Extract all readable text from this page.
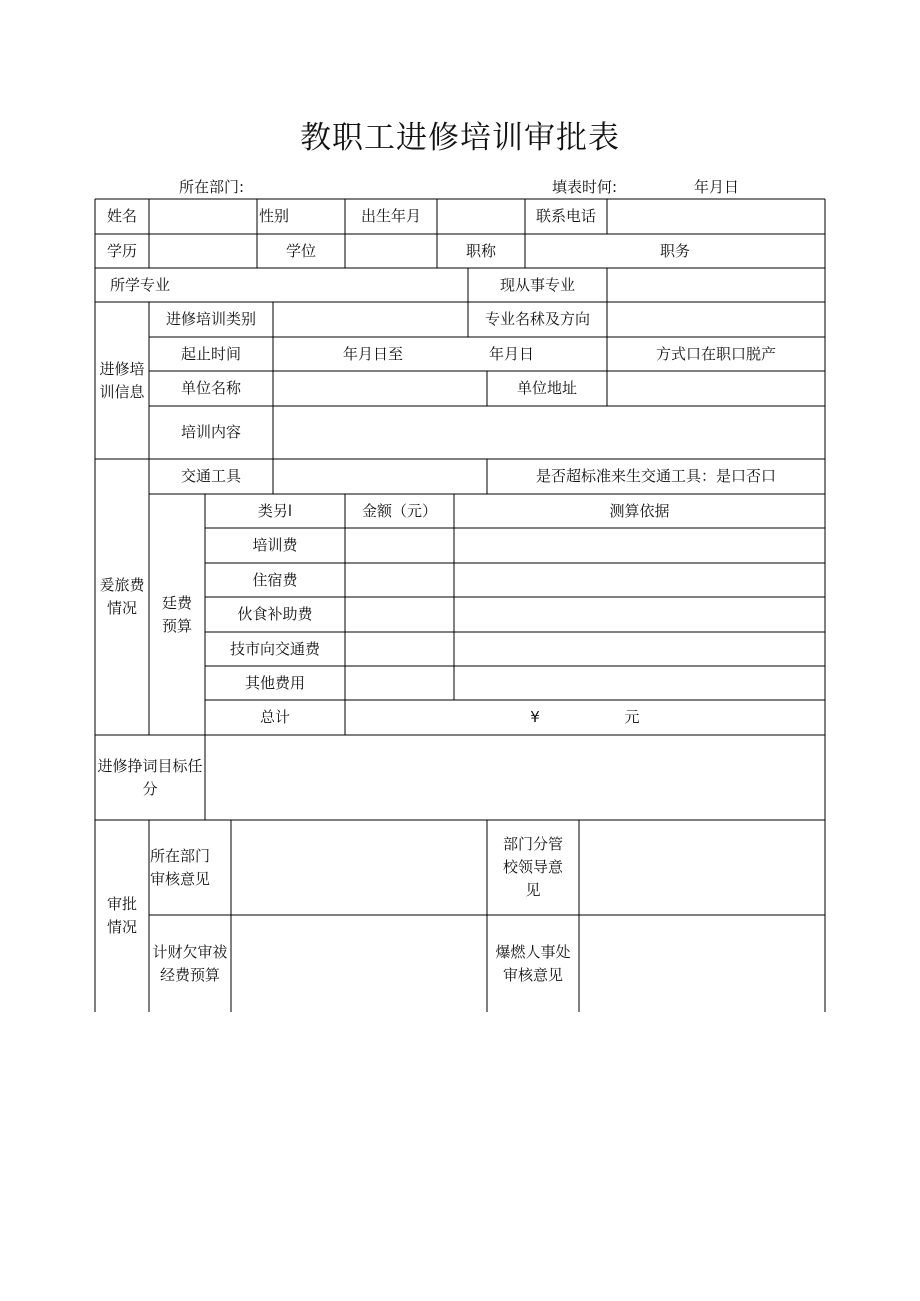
教职工进修培训审批表
所在部门:	填表时何:	年月日
姓名	性别	出生年月	联系电话
学历	学位	职称	职务
所学专业	现从事专业
进修培训信息
进修培训类别	专业名秫及方向
起止时间	年月日至	年月日	方式口在职口脱产
单位名称	单位地址
培训内容
爰旅费情况
交通工具	是否超标准来生交通工具：是口否口
廷费预算
类另l	金额（元）	测算依据
培训费
住宿费
伙食补助费
技市向交通费
其他费用
总计	¥	元
进修挣词目标任分
审批情况
所在部门审核意见
部门分管校领导意见
计财欠审祓经费预算
爆燃人事处审核意见
